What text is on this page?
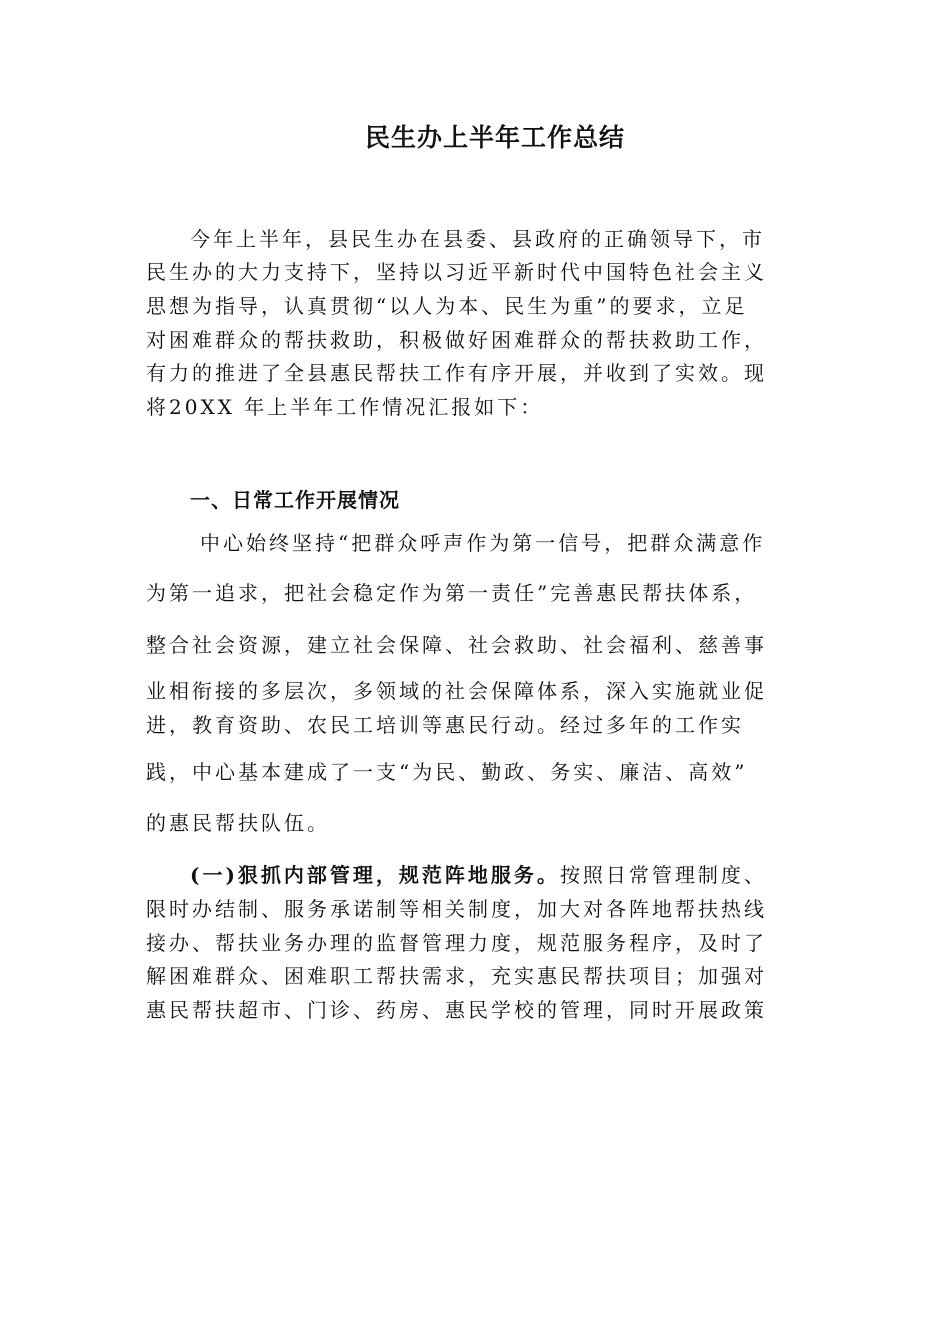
民生办上半年工作总结
今年上半年，县民生办在县委、县政府的正确领导下，市
民生办的大力支持下，坚持以习近平新时代中国特色社会主义
思想为指导，认真贯彻“以人为本、民生为重”的要求，立足
对困难群众的帮扶救助，积极做好困难群众的帮扶救助工作，
有力的推进了全县惠民帮扶工作有序开展，并收到了实效。现
将20XX 年上半年工作情况汇报如下：
一、日常工作开展情况
中心始终坚持“把群众呼声作为第一信号，把群众满意作
为第一追求，把社会稳定作为第一责任”完善惠民帮扶体系，
整合社会资源，建立社会保障、社会救助、社会福利、慈善事
业相衔接的多层次，多领域的社会保障体系，深入实施就业促
进，教育资助、农民工培训等惠民行动。经过多年的工作实
践，中心基本建成了一支“为民、勤政、务实、廉洁、高效”
的惠民帮扶队伍。
(一)狠抓内部管理，规范阵地服务。按照日常管理制度、
限时办结制、服务承诺制等相关制度，加大对各阵地帮扶热线
接办、帮扶业务办理的监督管理力度，规范服务程序，及时了
解困难群众、困难职工帮扶需求，充实惠民帮扶项目；加强对
惠民帮扶超市、门诊、药房、惠民学校的管理，同时开展政策
